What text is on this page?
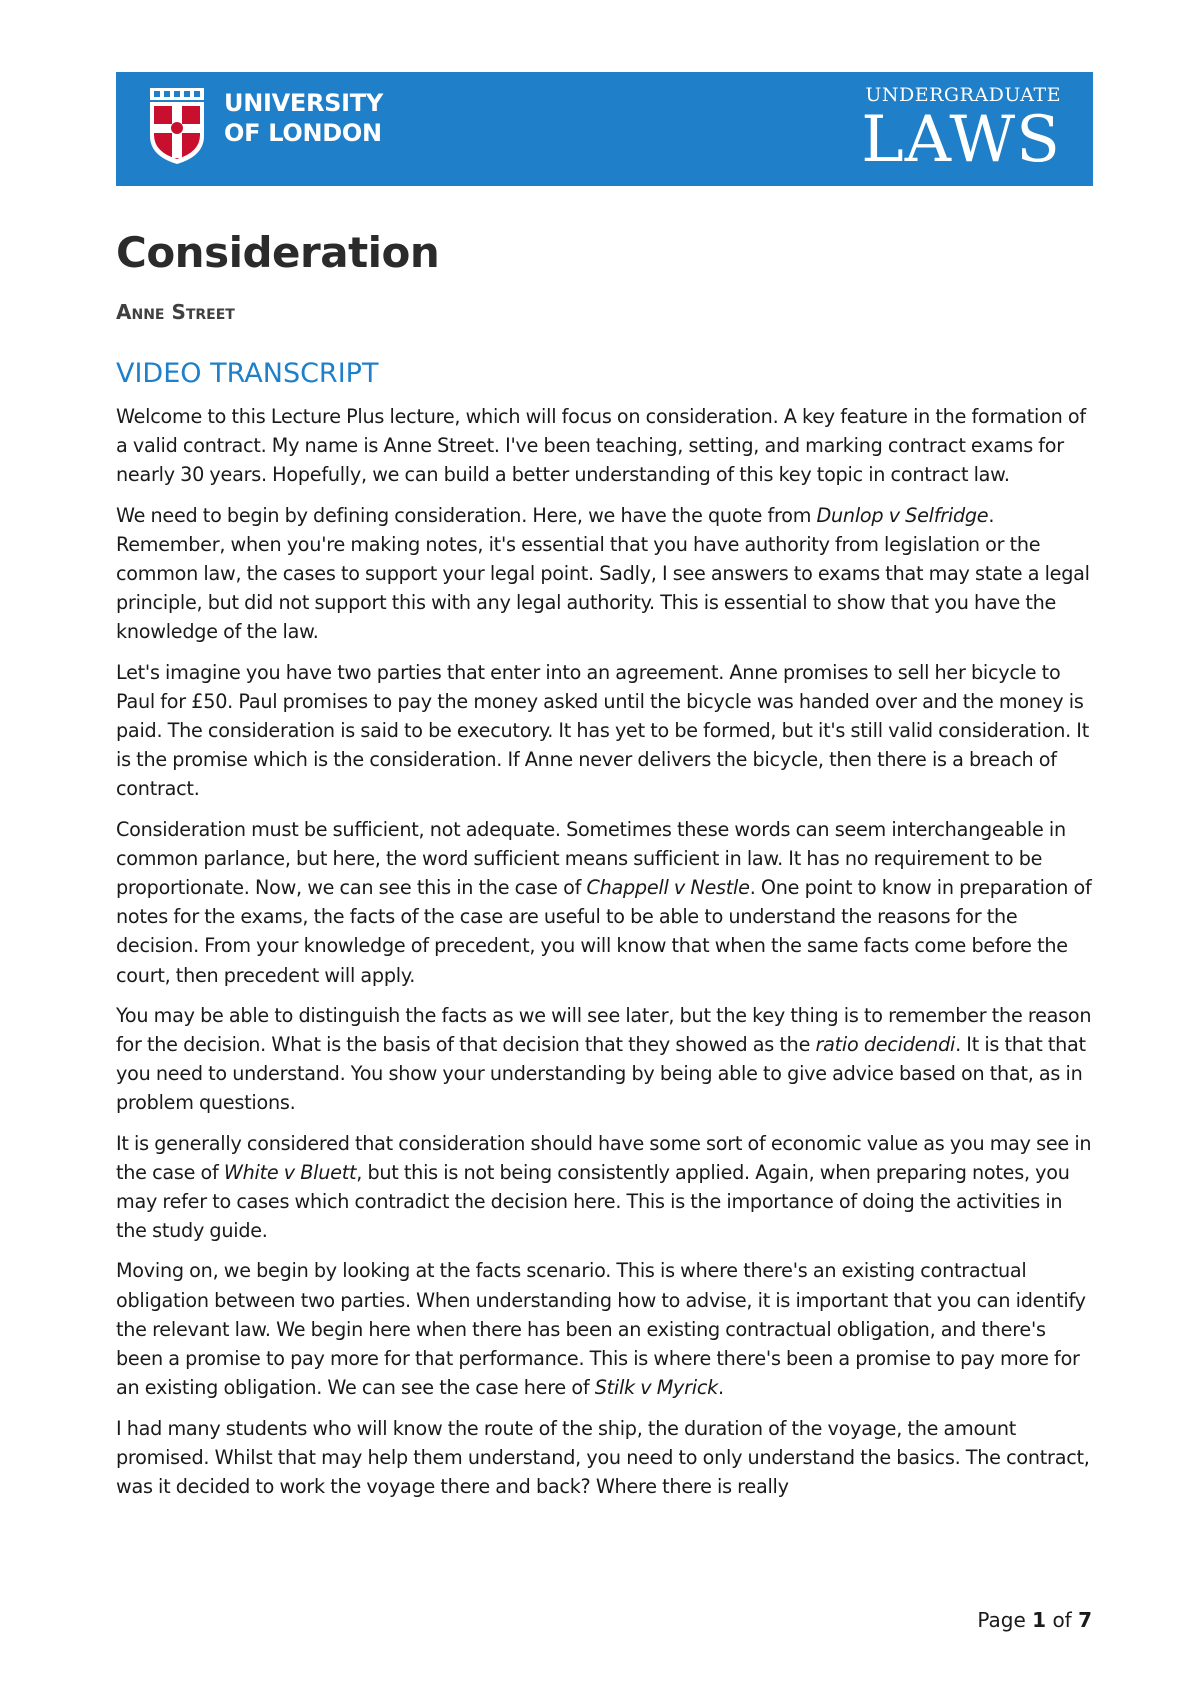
UNIVERSITY
OF LONDON
UNDERGRADUATE
LAWS
Consideration
Anne Street
VIDEO TRANSCRIPT

Welcome to this Lecture Plus lecture, which will focus on consideration. A key feature in the formation of a valid contract. My name is Anne Street. I've been teaching, setting, and marking contract exams for nearly 30 years. Hopefully, we can build a better understanding of this key topic in contract law.

We need to begin by defining consideration. Here, we have the quote from Dunlop v Selfridge. Remember, when you're making notes, it's essential that you have authority from legislation or the common law, the cases to support your legal point. Sadly, I see answers to exams that may state a legal principle, but did not support this with any legal authority. This is essential to show that you have the knowledge of the law.

Let's imagine you have two parties that enter into an agreement. Anne promises to sell her bicycle to Paul for £50. Paul promises to pay the money asked until the bicycle was handed over and the money is paid. The consideration is said to be executory. It has yet to be formed, but it's still valid consideration. It is the promise which is the consideration. If Anne never delivers the bicycle, then there is a breach of contract.

Consideration must be sufficient, not adequate. Sometimes these words can seem interchangeable in common parlance, but here, the word sufficient means sufficient in law. It has no requirement to be proportionate. Now, we can see this in the case of Chappell v Nestle. One point to know in preparation of notes for the exams, the facts of the case are useful to be able to understand the reasons for the decision. From your knowledge of precedent, you will know that when the same facts come before the court, then precedent will apply.

You may be able to distinguish the facts as we will see later, but the key thing is to remember the reason for the decision. What is the basis of that decision that they showed as the ratio decidendi. It is that that you need to understand. You show your understanding by being able to give advice based on that, as in problem questions.

It is generally considered that consideration should have some sort of economic value as you may see in the case of White v Bluett, but this is not being consistently applied. Again, when preparing notes, you may refer to cases which contradict the decision here. This is the importance of doing the activities in the study guide.

Moving on, we begin by looking at the facts scenario. This is where there's an existing contractual obligation between two parties. When understanding how to advise, it is important that you can identify the relevant law. We begin here when there has been an existing contractual obligation, and there's been a promise to pay more for that performance. This is where there's been a promise to pay more for an existing obligation. We can see the case here of Stilk v Myrick.

I had many students who will know the route of the ship, the duration of the voyage, the amount promised. Whilst that may help them understand, you need to only understand the basics. The contract, was it decided to work the voyage there and back? Where there is really

Page 1 of 7
